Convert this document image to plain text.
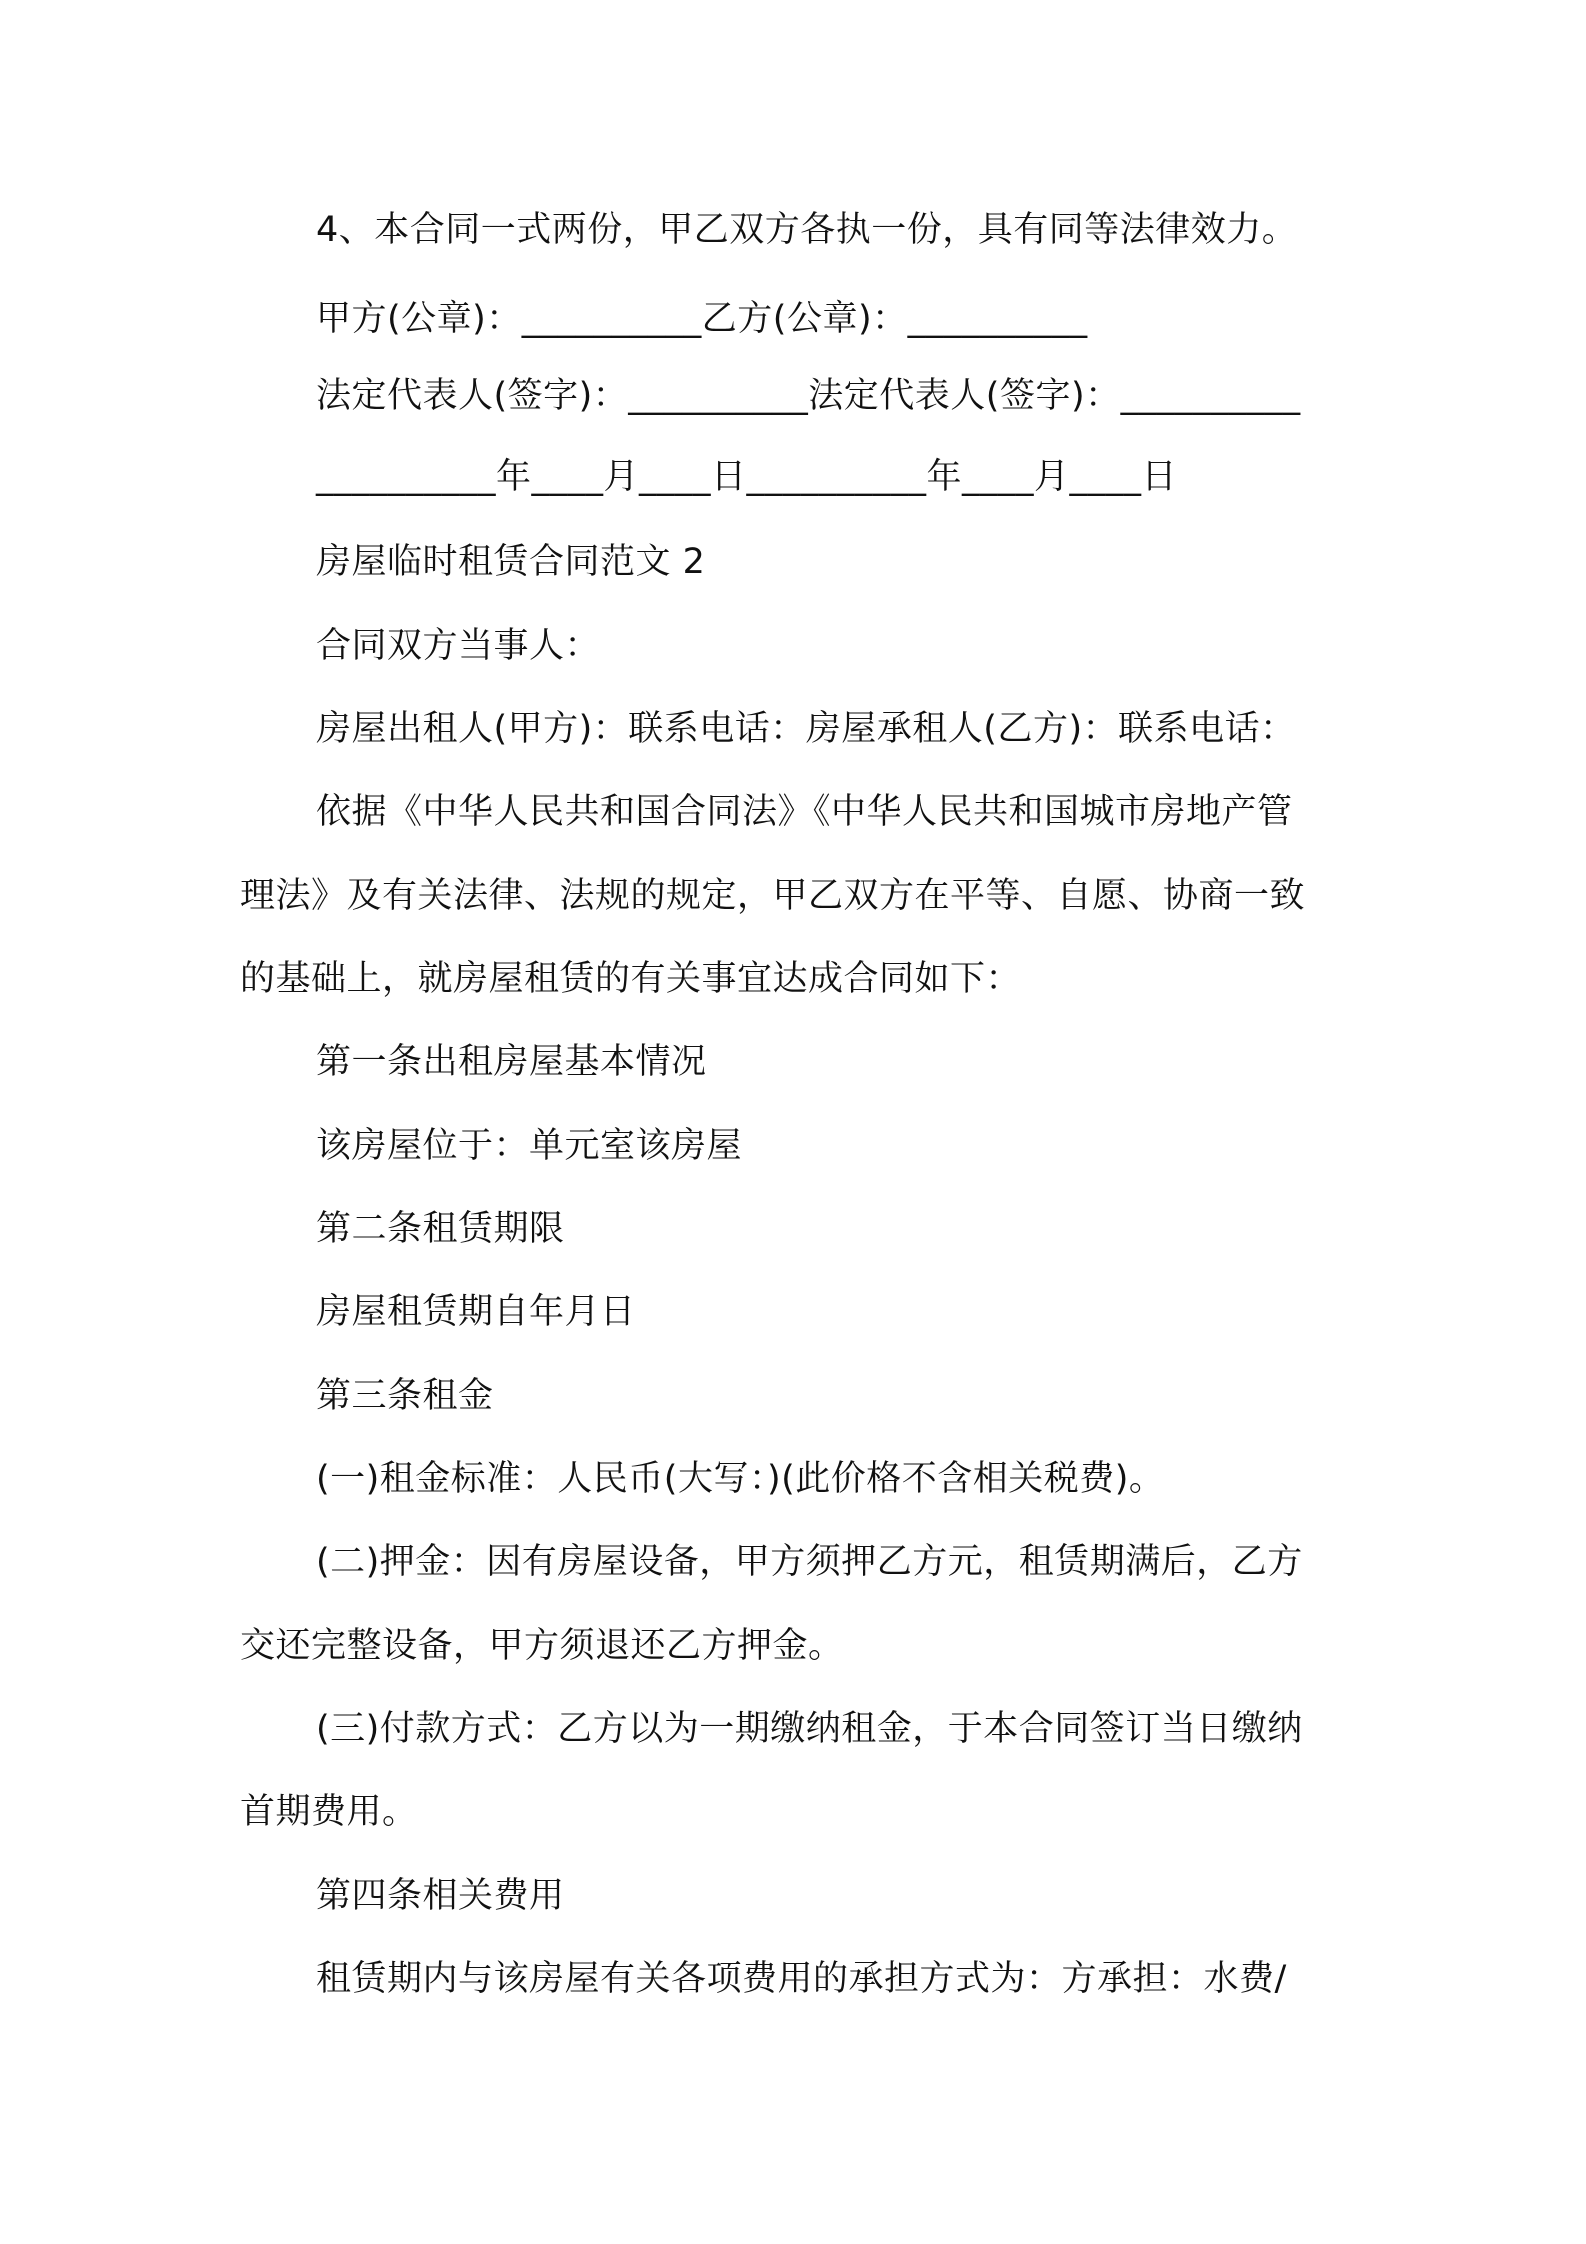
4、本合同一式两份，甲乙双方各执一份，具有同等法律效力。
甲方(公章)：__________乙方(公章)：__________
法定代表人(签字)：__________法定代表人(签字)：__________
__________年____月____日__________年____月____日
房屋临时租赁合同范文 2
合同双方当事人：
房屋出租人(甲方)：联系电话：房屋承租人(乙方)：联系电话：
依据《中华人民共和国合同法》《中华人民共和国城市房地产管
理法》及有关法律、法规的规定，甲乙双方在平等、自愿、协商一致
的基础上，就房屋租赁的有关事宜达成合同如下：
第一条出租房屋基本情况
该房屋位于：单元室该房屋
第二条租赁期限
房屋租赁期自年月日
第三条租金
(一)租金标准：人民币(大写：)(此价格不含相关税费)。
(二)押金：因有房屋设备，甲方须押乙方元，租赁期满后，乙方
交还完整设备，甲方须退还乙方押金。
(三)付款方式：乙方以为一期缴纳租金，于本合同签订当日缴纳
首期费用。
第四条相关费用
租赁期内与该房屋有关各项费用的承担方式为：方承担：水费/
